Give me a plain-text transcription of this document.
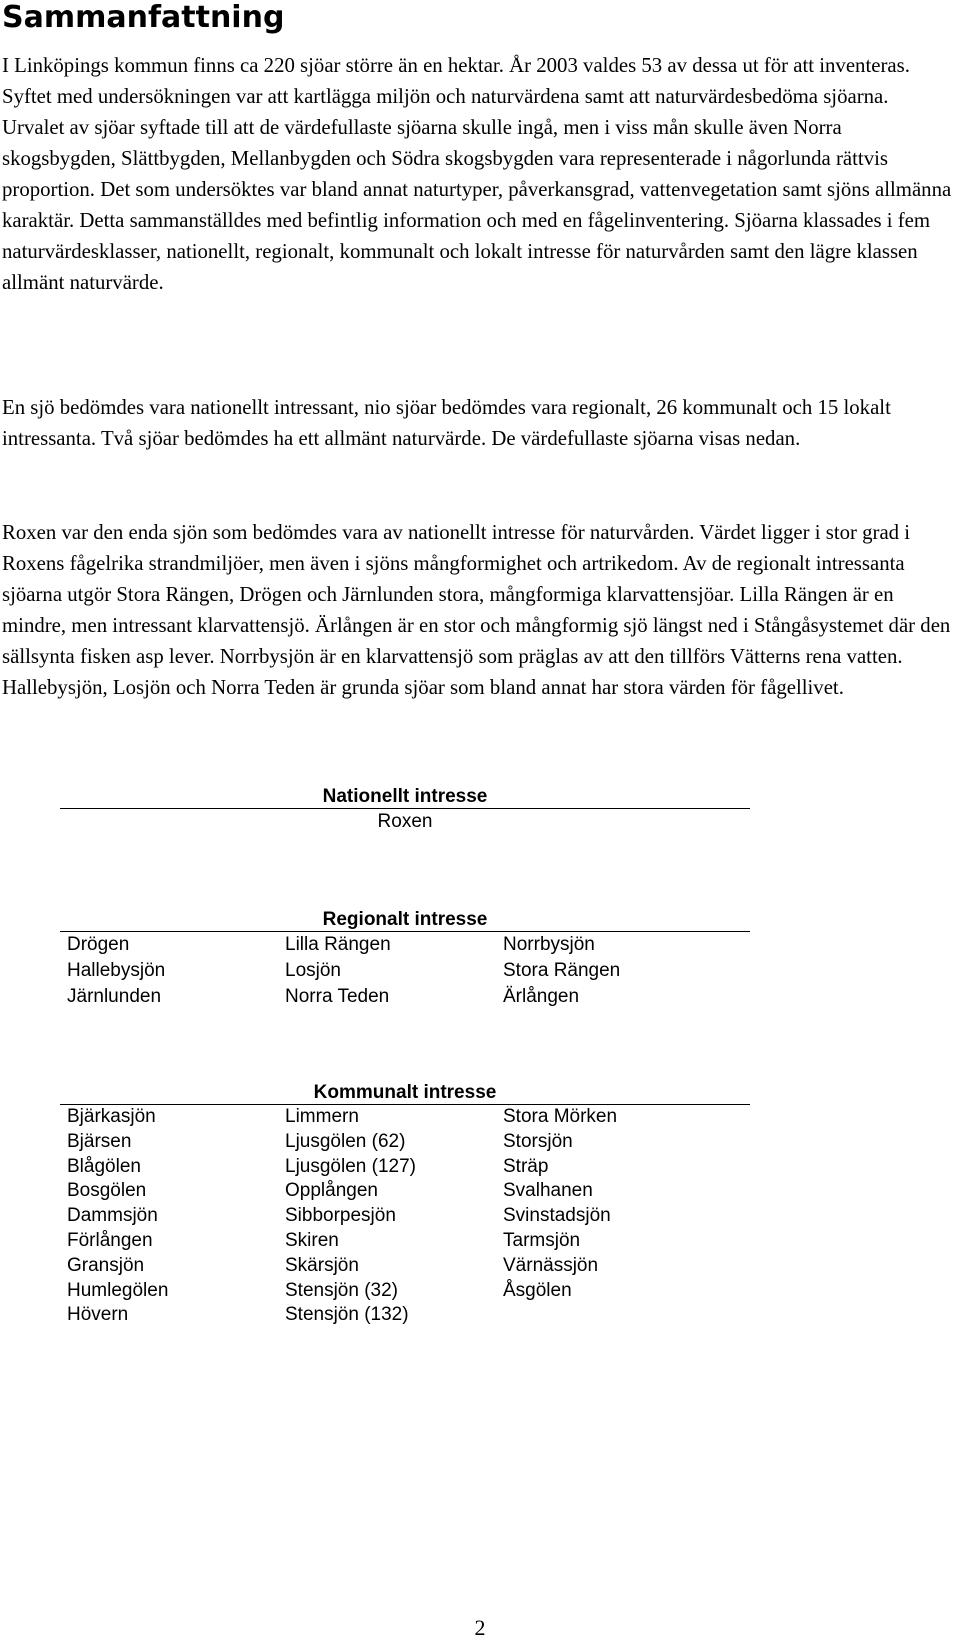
Sammanfattning

I Linköpings kommun finns ca 220 sjöar större än en hektar. År 2003 valdes 53 av dessa ut för att inventeras. Syftet med undersökningen var att kartlägga miljön och naturvärdena samt att naturvärdesbedöma sjöarna. Urvalet av sjöar syftade till att de värdefullaste sjöarna skulle ingå, men i viss mån skulle även Norra skogsbygden, Slättbygden, Mellanbygden och Södra skogsbygden vara representerade i någorlunda rättvis proportion. Det som undersöktes var bland annat naturtyper, påverkansgrad, vattenvegetation samt sjöns allmänna karaktär. Detta sammanställdes med befintlig information och med en fågelinventering. Sjöarna klassades i fem naturvärdesklasser, nationellt, regionalt, kommunalt och lokalt intresse för naturvården samt den lägre klassen allmänt naturvärde.

En sjö bedömdes vara nationellt intressant, nio sjöar bedömdes vara regionalt, 26 kommunalt och 15 lokalt intressanta. Två sjöar bedömdes ha ett allmänt naturvärde. De värdefullaste sjöarna visas nedan.

Roxen var den enda sjön som bedömdes vara av nationellt intresse för naturvården. Värdet ligger i stor grad i Roxens fågelrika strandmiljöer, men även i sjöns mångformighet och artrikedom. Av de regionalt intressanta sjöarna utgör Stora Rängen, Drögen och Järnlunden stora, mångformiga klarvattensjöar. Lilla Rängen är en mindre, men intressant klarvattensjö. Ärlången är en stor och mångformig sjö längst ned i Stångåsystemet där den sällsynta fisken asp lever. Norrbysjön är en klarvattensjö som präglas av att den tillförs Vätterns rena vatten. Hallebysjön, Losjön och Norra Teden är grunda sjöar som bland annat har stora värden för fågellivet.

Nationellt intresse
Roxen
Regionalt intresse
Drögen
Hallebysjön
Järnlunden
Lilla Rängen
Losjön
Norra Teden
Norrbysjön
Stora Rängen
Ärlången
Kommunalt intresse
Bjärkasjön
Bjärsen
Blågölen
Bosgölen
Dammsjön
Förlången
Gransjön
Humlegölen
Hövern
Limmern
Ljusgölen (62)
Ljusgölen (127)
Opplången
Sibborpesjön
Skiren
Skärsjön
Stensjön (32)
Stensjön (132)
Stora Mörken
Storsjön
Sträp
Svalhanen
Svinstadsjön
Tarmsjön
Värnässjön
Åsgölen
2
